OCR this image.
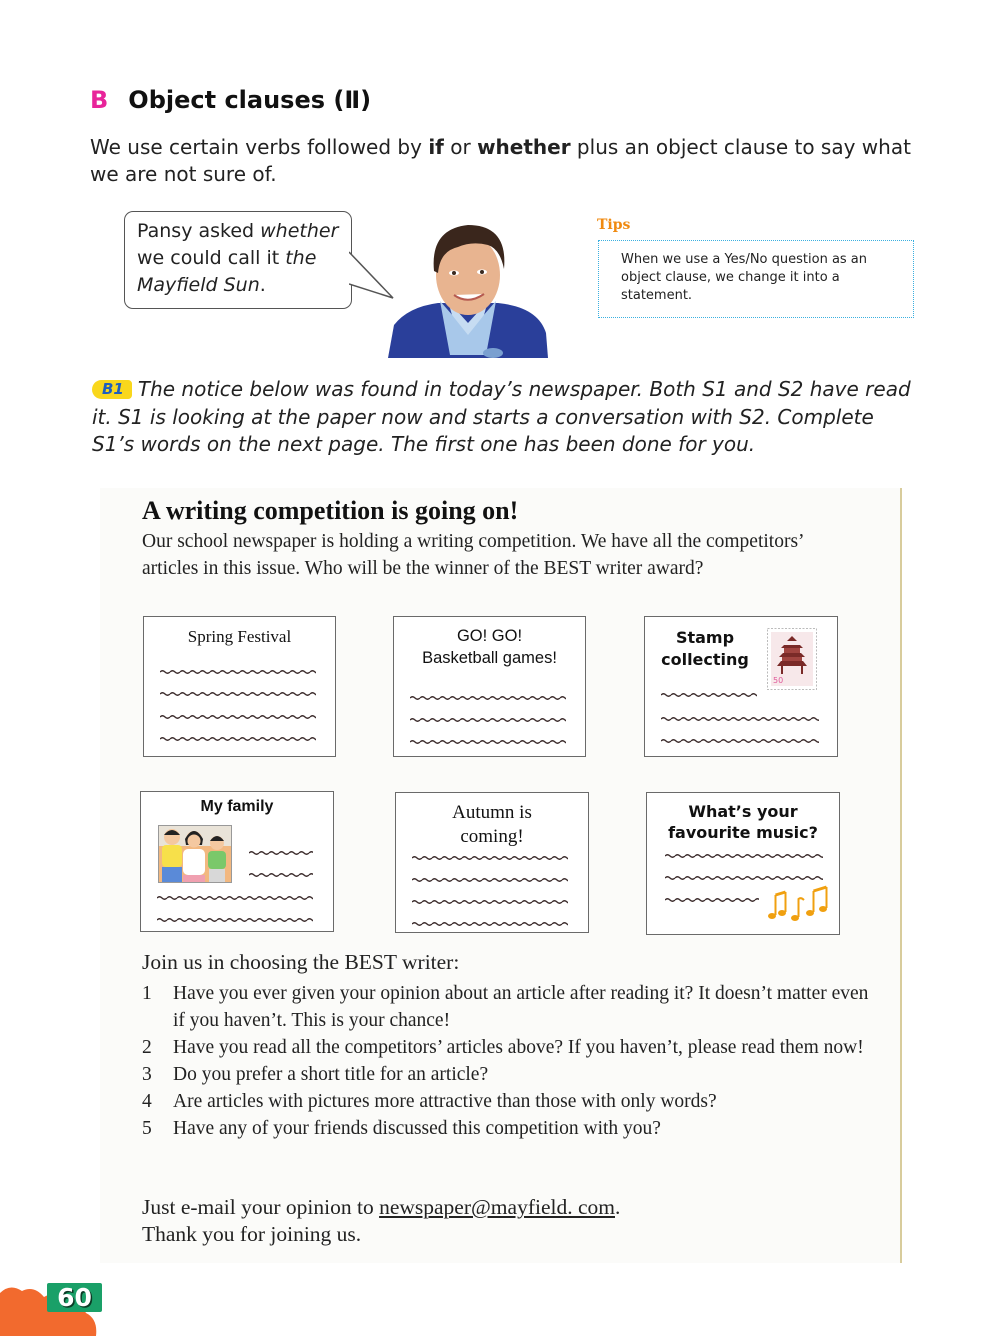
B Object clauses (Ⅱ)

We use certain verbs followed by if or whether plus an object clause to say what we are not sure of.

Pansy asked whether
we could call it the
Mayfield Sun.
Tips
When we use a Yes/No question as an object clause, we change it into a statement.

B1 The notice below was found in today’s newspaper. Both S1 and S2 have read it. S1 is looking at the paper now and starts a conversation with S2. Complete S1’s words on the next page. The first one has been done for you.

A writing competition is going on!
Our school newspaper is holding a writing competition. We have all the competitors’ articles in this issue. Who will be the winner of the BEST writer award?
Spring Festival	GO! GO!
Basketball games!
Stamp
collecting
50
My family	Autumn is
coming!
What’s your
favourite music?
Join us in choosing the BEST writer:
1	Have you ever given your opinion about an article after reading it? It doesn’t matter even if you haven’t. This is your chance!
2	Have you read all the competitors’ articles above? If you haven’t, please read them now!
3	Do you prefer a short title for an article?
4	Are articles with pictures more attractive than those with only words?
5	Have any of your friends discussed this competition with you?
Just e-mail your opinion to newspaper@mayfield. com.
Thank you for joining us.
60
